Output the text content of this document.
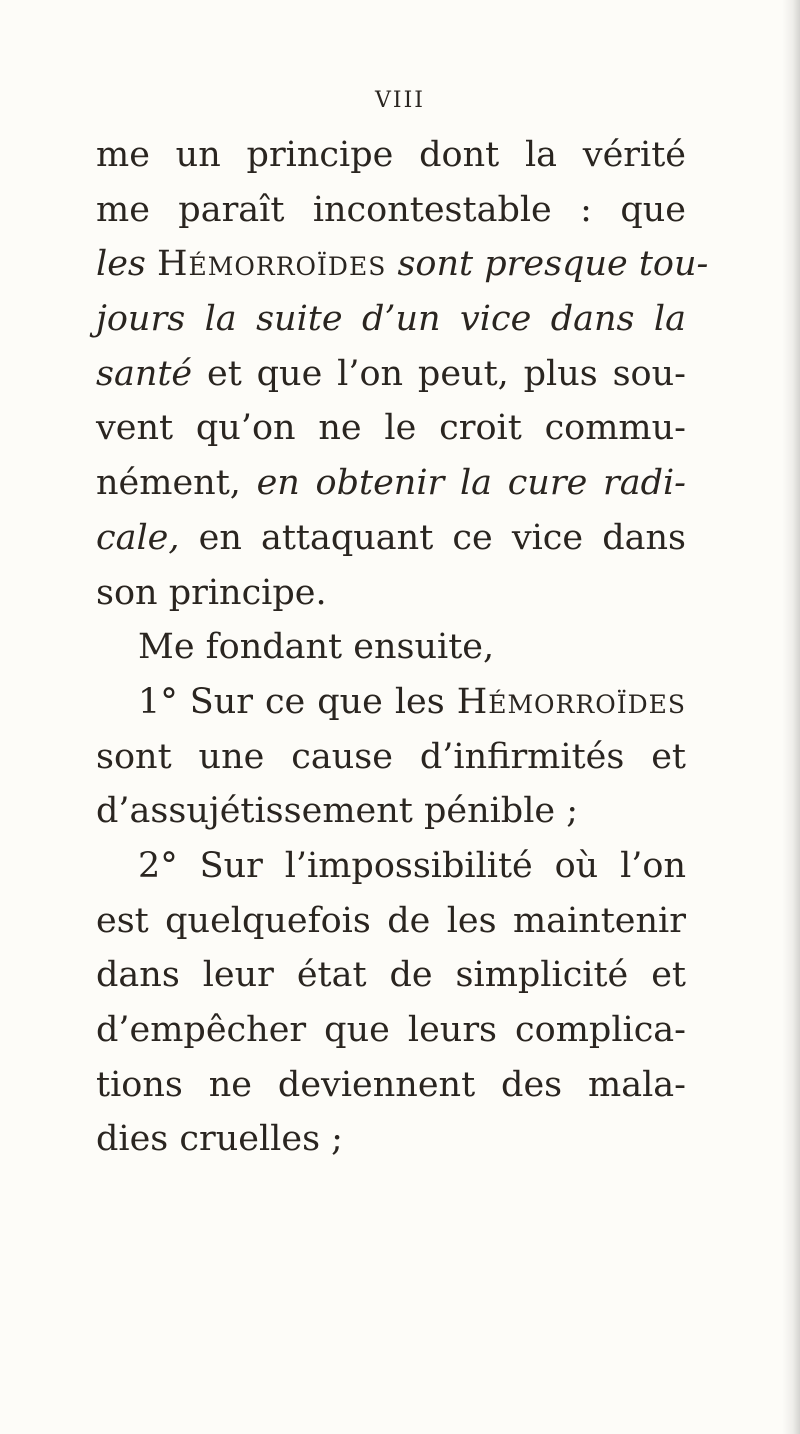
VIII
me un principe dont la vérité
me paraît incontestable : que
les Hémorroïdes sont presque tou-
jours la suite d’un vice dans la
santé et que l’on peut, plus sou-
vent qu’on ne le croit commu-
nément, en obtenir la cure radi-
cale, en attaquant ce vice dans
son principe.
Me fondant ensuite,
1° Sur ce que les Hémorroïdes
sont une cause d’infirmités et
d’assujétissement pénible ;
2° Sur l’impossibilité où l’on
est quelquefois de les maintenir
dans leur état de simplicité et
d’empêcher que leurs complica-
tions ne deviennent des mala-
dies cruelles ;
